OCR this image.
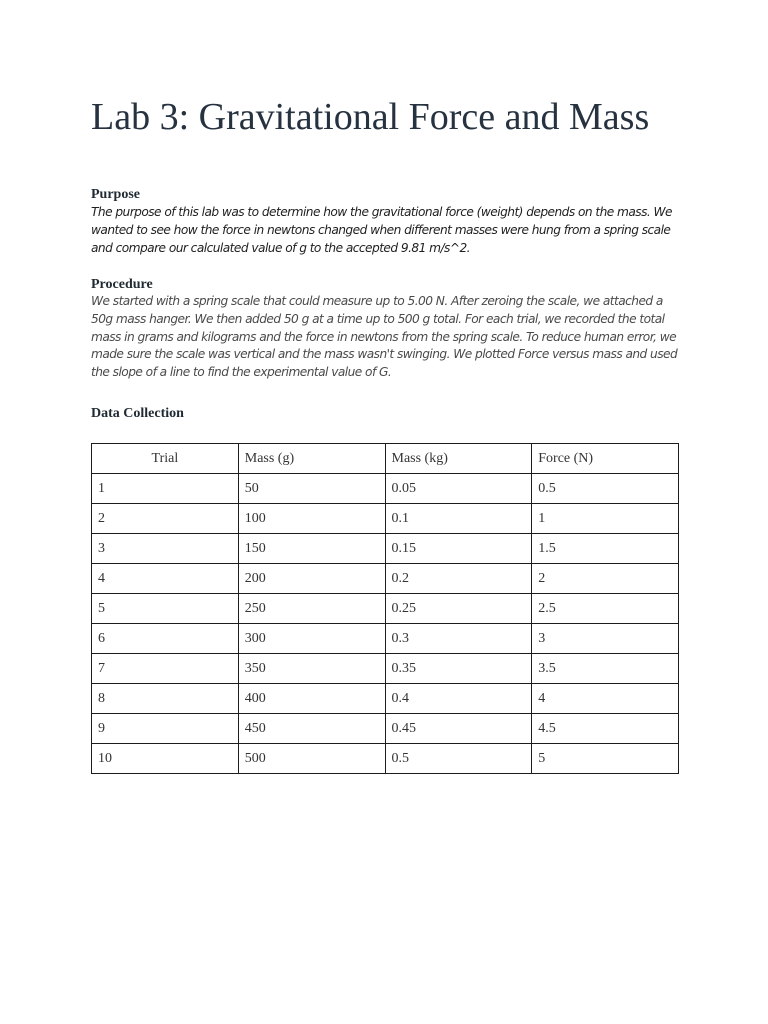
Lab 3: Gravitational Force and Mass
Purpose

The purpose of this lab was to determine how the gravitational force (weight) depends on the mass. We wanted to see how the force in newtons changed when different masses were hung from a spring scale and compare our calculated value of g to the accepted 9.81 m/s^2.

Procedure

We started with a spring scale that could measure up to 5.00 N. After zeroing the scale, we attached a 50g mass hanger. We then added 50 g at a time up to 500 g total. For each trial, we recorded the total mass in grams and kilograms and the force in newtons from the spring scale. To reduce human error, we made sure the scale was vertical and the mass wasn't swinging. We plotted Force versus mass and used the slope of a line to find the experimental value of G.

Data Collection
Trial	Mass (g)	Mass (kg)	Force (N)
1	50	0.05	0.5
2	100	0.1	1
3	150	0.15	1.5
4	200	0.2	2
5	250	0.25	2.5
6	300	0.3	3
7	350	0.35	3.5
8	400	0.4	4
9	450	0.45	4.5
10	500	0.5	5
